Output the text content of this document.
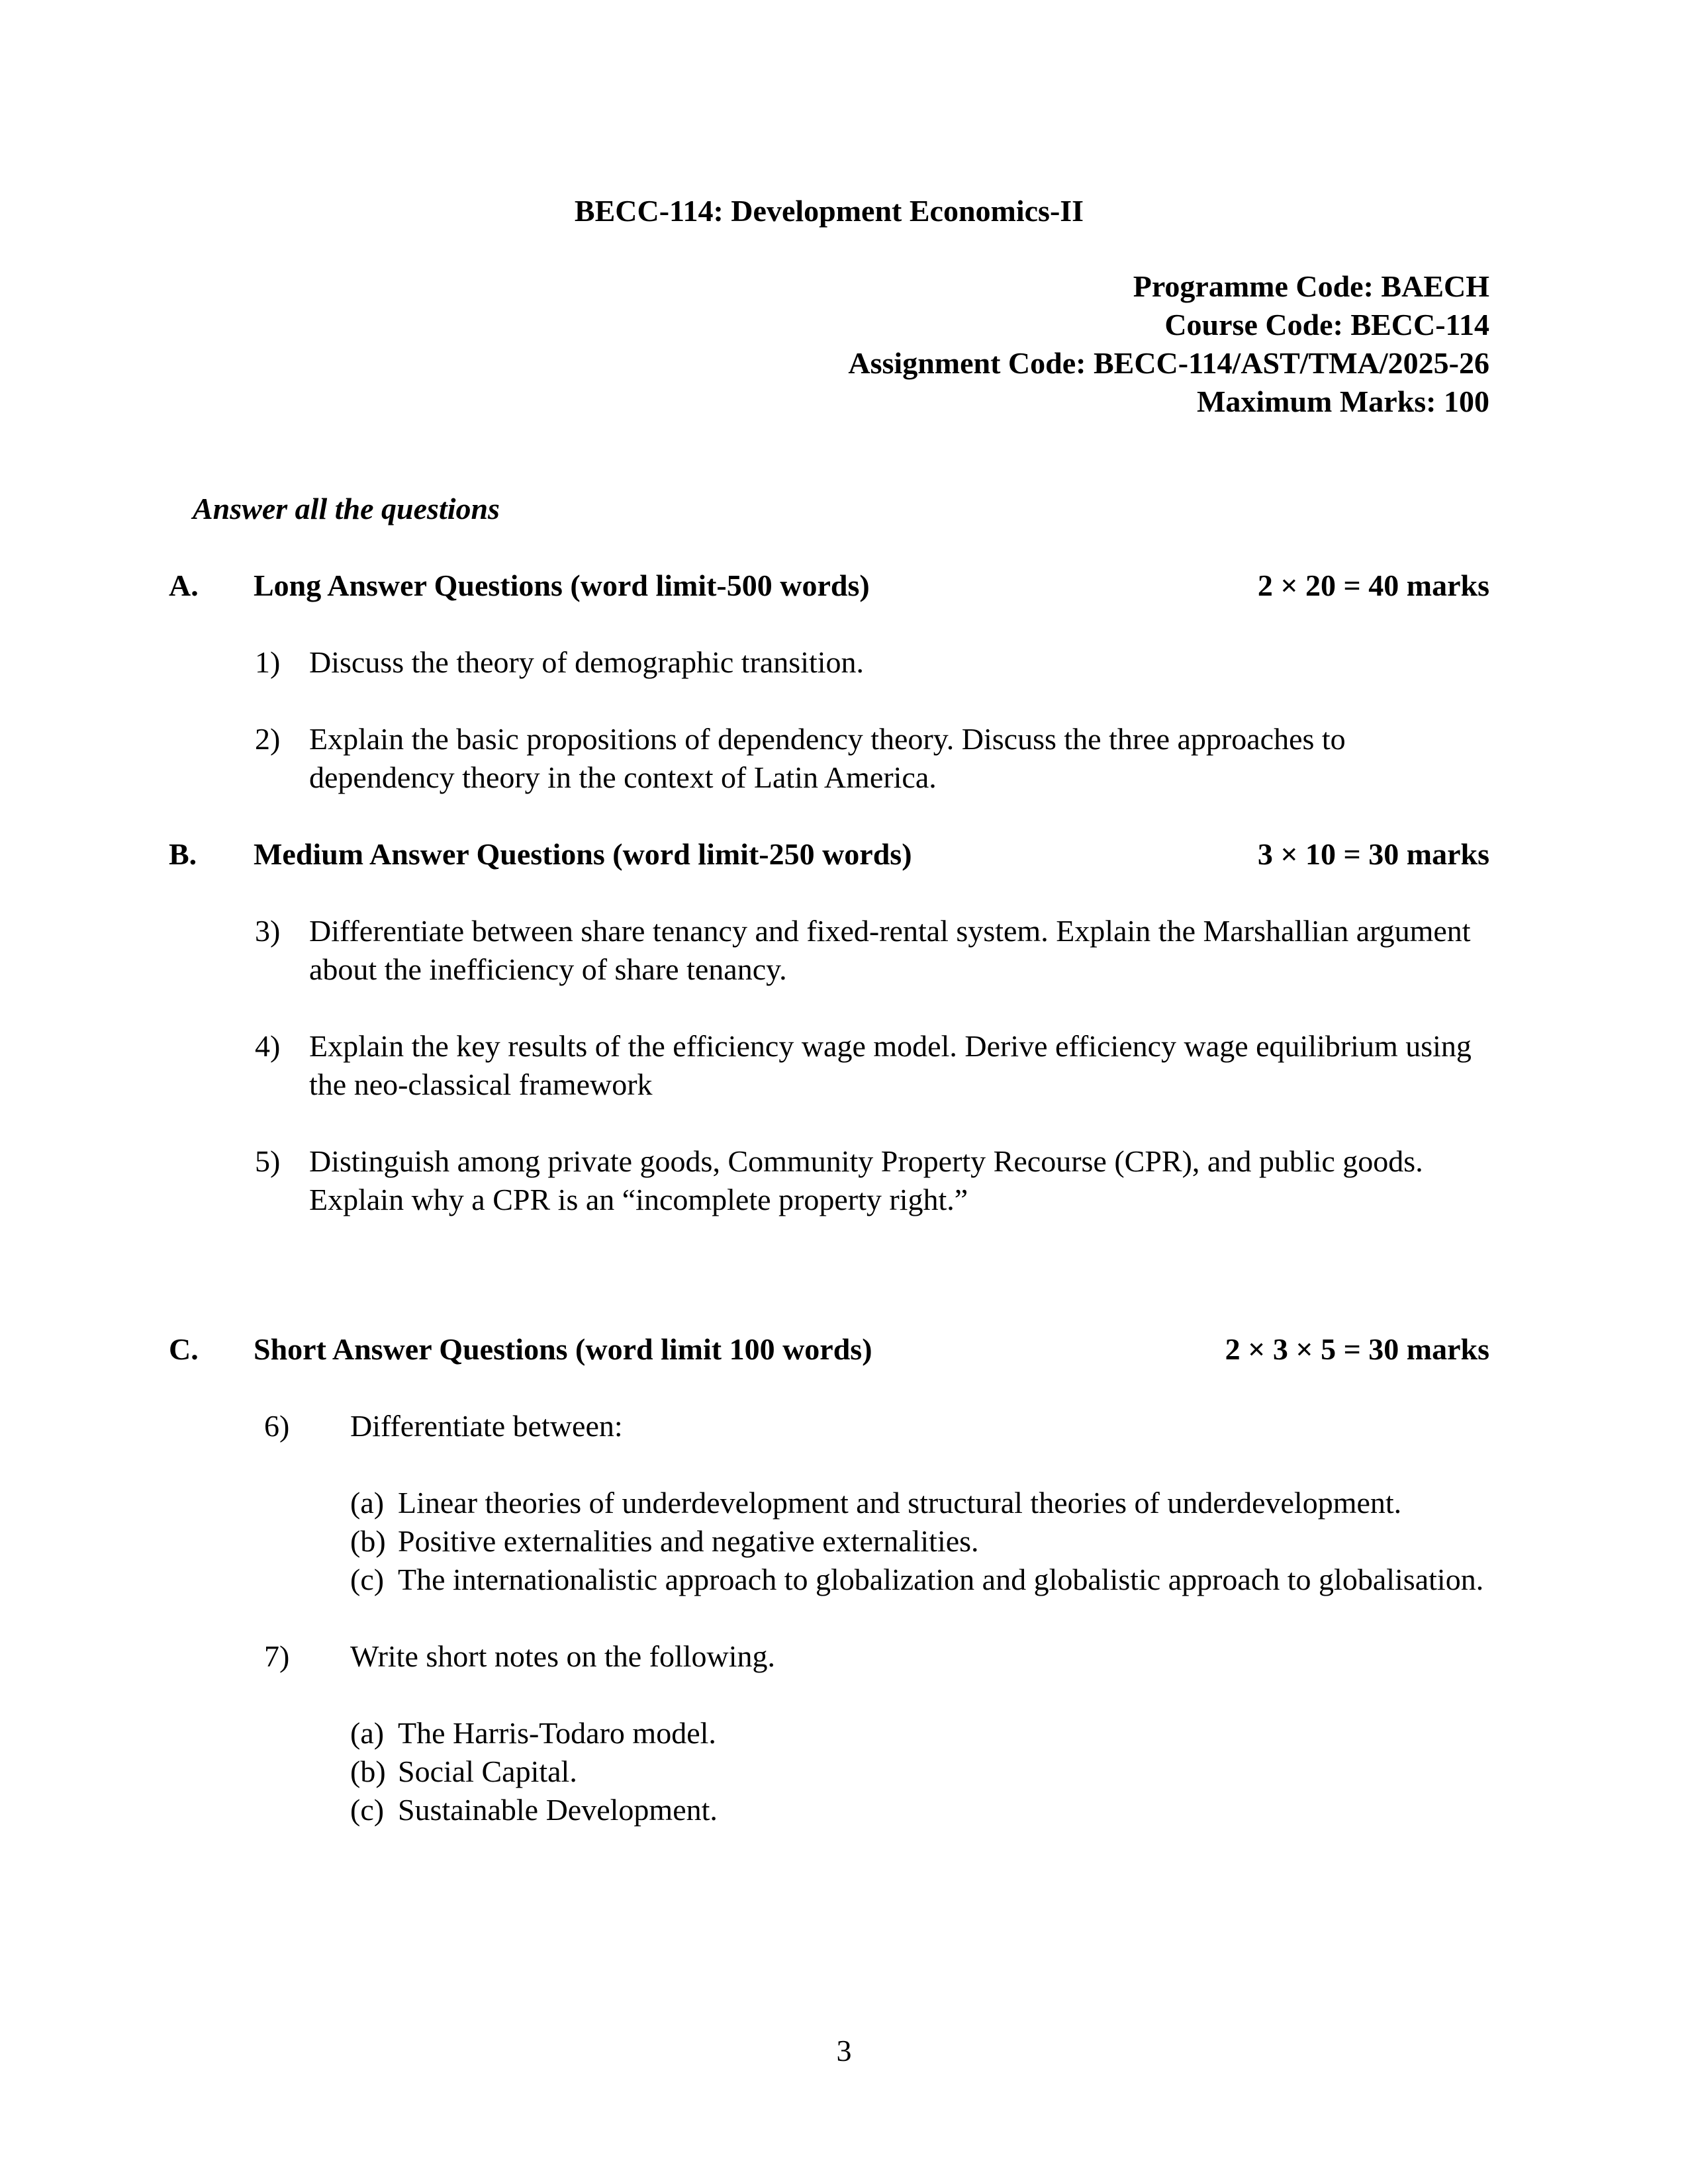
BECC-114: Development Economics-II
Programme Code: BAECH
Course Code: BECC-114
Assignment Code: BECC-114/AST/TMA/2025-26
Maximum Marks: 100
Answer all the questions
A.	Long Answer Questions (word limit-500 words)	2 × 20 = 40 marks
1) Discuss the theory of demographic transition.
2) Explain the basic propositions of dependency theory. Discuss the three approaches to dependency theory in the context of Latin America.
B.	Medium Answer Questions (word limit-250 words)	3 × 10 = 30 marks
3) Differentiate between share tenancy and fixed-rental system. Explain the Marshallian argument about the inefficiency of share tenancy.
4) Explain the key results of the efficiency wage model. Derive efficiency wage equilibrium using the neo-classical framework
5) Distinguish among private goods, Community Property Recourse (CPR), and public goods. Explain why a CPR is an “incomplete property right.”
C.	Short Answer Questions (word limit 100 words)	2 × 3 × 5 = 30 marks
6)	Differentiate between:
(a) Linear theories of underdevelopment and structural theories of underdevelopment.
(b) Positive externalities and negative externalities.
(c) The internationalistic approach to globalization and globalistic approach to globalisation.
7)	Write short notes on the following.
(a) The Harris-Todaro model.
(b) Social Capital.
(c) Sustainable Development.
3
